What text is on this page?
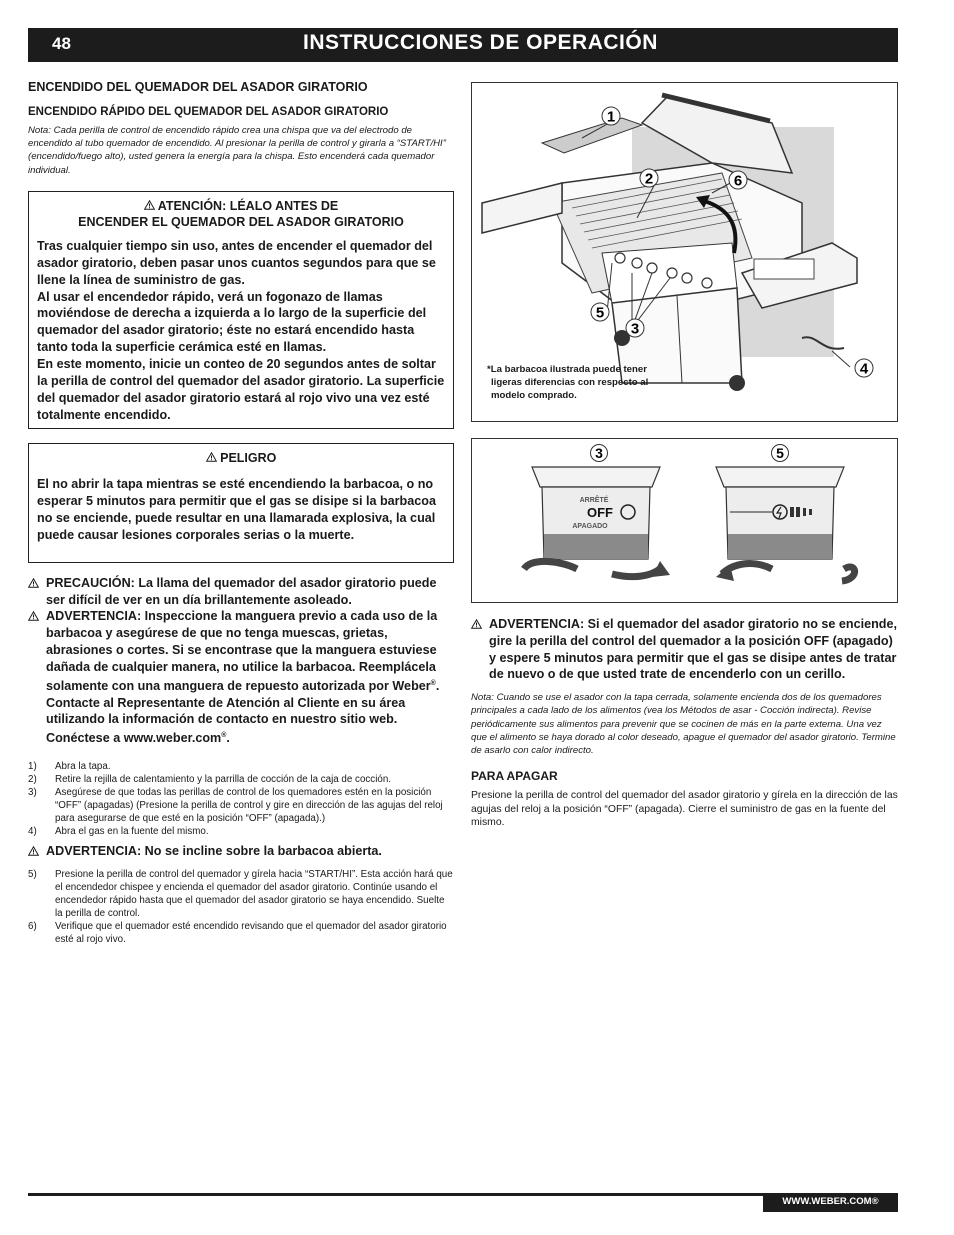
48	INSTRUCCIONES DE OPERACIÓN
ENCENDIDO DEL QUEMADOR DEL ASADOR GIRATORIO
ENCENDIDO RÁPIDO DEL QUEMADOR DEL ASADOR GIRATORIO

Nota: Cada perilla de control de encendido rápido crea una chispa que va del electrodo de encendido al tubo quemador de encendido. Al presionar la perilla de control y girarla a “START/HI” (encendido/fuego alto), usted genera la energía para la chispa. Esto encenderá cada quemador individual.

ATENCIÓN: LÉALO ANTES DE
ENCENDER EL QUEMADOR DEL ASADOR GIRATORIO
Tras cualquier tiempo sin uso, antes de encender el quemador del asador giratorio, deben pasar unos cuantos segundos para que se llene la línea de suministro de gas.
Al usar el encendedor rápido, verá un fogonazo de llamas moviéndose de derecha a izquierda a lo largo de la superficie del quemador del asador giratorio; éste no estará encendido hasta tanto toda la superficie cerámica esté en llamas.
En este momento, inicie un conteo de 20 segundos antes de soltar la perilla de control del quemador del asador giratorio. La superficie del quemador del asador giratorio estará al rojo vivo una vez esté totalmente encendido.
PELIGRO
El no abrir la tapa mientras se esté encendiendo la barbacoa, o no esperar 5 minutos para permitir que el gas se disipe si la barbacoa no se enciende, puede resultar en una llamarada explosiva, la cual puede causar lesiones corporales serias o la muerte.
PRECAUCIÓN: La llama del quemador del asador giratorio puede ser difícil de ver en un día brillantemente asoleado.
ADVERTENCIA: Inspeccione la manguera previo a cada uso de la barbacoa y asegúrese de que no tenga muescas, grietas, abrasiones o cortes. Si se encontrase que la manguera estuviese dañada de cualquier manera, no utilice la barbacoa. Reemplácela solamente con una manguera de repuesto autorizada por Weber®. Contacte al Representante de Atención al Cliente en su área utilizando la información de contacto en nuestro sitio web. Conéctese a www.weber.com®.
1) Abra la tapa.
2) Retire la rejilla de calentamiento y la parrilla de cocción de la caja de cocción.
3) Asegúrese de que todas las perillas de control de los quemadores estén en la posición “OFF” (apagadas) (Presione la perilla de control y gire en dirección de las agujas del reloj para asegurarse de que esté en la posición “OFF” (apagada).)
4) Abra el gas en la fuente del mismo.
ADVERTENCIA: No se incline sobre la barbacoa abierta.
5) Presione la perilla de control del quemador y gírela hacia “START/HI”. Esta acción hará que el encendedor chispee y encienda el quemador del asador giratorio. Continúe usando el encendedor rápido hasta que el quemador del asador giratorio se haya encendido. Suelte la perilla de control.
6) Verifique que el quemador esté encendido revisando que el quemador del asador giratorio esté al rojo vivo.
1
2
3
4
5
6
*La barbacoa ilustrada puede tener
ligeras diferencias con respecto al
modelo comprado.
ARRÊTÉ
OFF
APAGADO
3	5
ADVERTENCIA: Si el quemador del asador giratorio no se enciende, gire la perilla del control del quemador a la posición OFF (apagado) y espere 5 minutos para permitir que el gas se disipe antes de tratar de nuevo o de que usted trate de encenderlo con un cerillo.

Nota: Cuando se use el asador con la tapa cerrada, solamente encienda dos de los quemadores principales a cada lado de los alimentos (vea los Métodos de asar - Cocción indirecta). Revise periódicamente sus alimentos para prevenir que se cocinen de más en la parte externa. Una vez que el alimento se haya dorado al color deseado, apague el quemador del asador giratorio. Termine de asarlo con calor indirecto.

PARA APAGAR

Presione la perilla de control del quemador del asador giratorio y gírela en la dirección de las agujas del reloj a la posición “OFF” (apagada). Cierre el suministro de gas en la fuente del mismo.

WWW.WEBER.COM®
